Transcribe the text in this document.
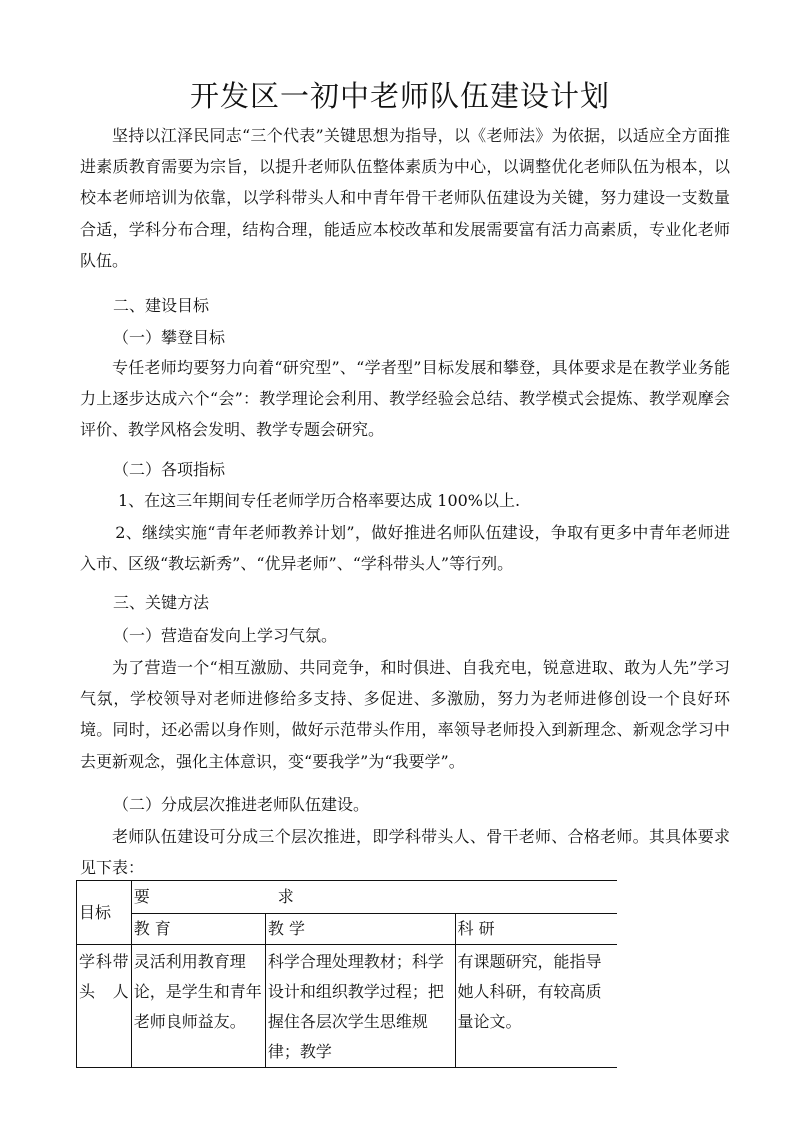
开发区一初中老师队伍建设计划

坚持以江泽民同志“三个代表”关键思想为指导，以《老师法》为依据，以适应全方面推进素质教育需要为宗旨，以提升老师队伍整体素质为中心，以调整优化老师队伍为根本，以校本老师培训为依靠，以学科带头人和中青年骨干老师队伍建设为关键，努力建设一支数量合适，学科分布合理，结构合理，能适应本校改革和发展需要富有活力高素质，专业化老师队伍。

二、建设目标
（一）攀登目标

专任老师均要努力向着“研究型”、“学者型”目标发展和攀登，具体要求是在教学业务能力上逐步达成六个“会”：教学理论会利用、教学经验会总结、教学模式会提炼、教学观摩会评价、教学风格会发明、教学专题会研究。

（二）各项指标
1、在这三年期间专任老师学历合格率要达成 100%以上.

2、继续实施“青年老师教养计划”，做好推进名师队伍建设，争取有更多中青年老师进入市、区级“教坛新秀”、“优异老师”、“学科带头人”等行列。

三、关键方法
（一）营造奋发向上学习气氛。

为了营造一个“相互激励、共同竞争，和时俱进、自我充电，锐意进取、敢为人先”学习气氛，学校领导对老师进修给多支持、多促进、多激励，努力为老师进修创设一个良好环境。同时，还必需以身作则，做好示范带头作用，率领导老师投入到新理念、新观念学习中去更新观念，强化主体意识，变“要我学”为“我要学”。

（二）分成层次推进老师队伍建设。

老师队伍建设可分成三个层次推进，即学科带头人、骨干老师、合格老师。其具体要求见下表：

目标	要 求		
	教 育	教 学	科 研
学科带头人	灵活利用教育理论，是学生和青年老师良师益友。	科学合理处理教材；科学设计和组织教学过程；把握住各层次学生思维规律；教学	有课题研究，能指导她人科研，有较高质量论文。
